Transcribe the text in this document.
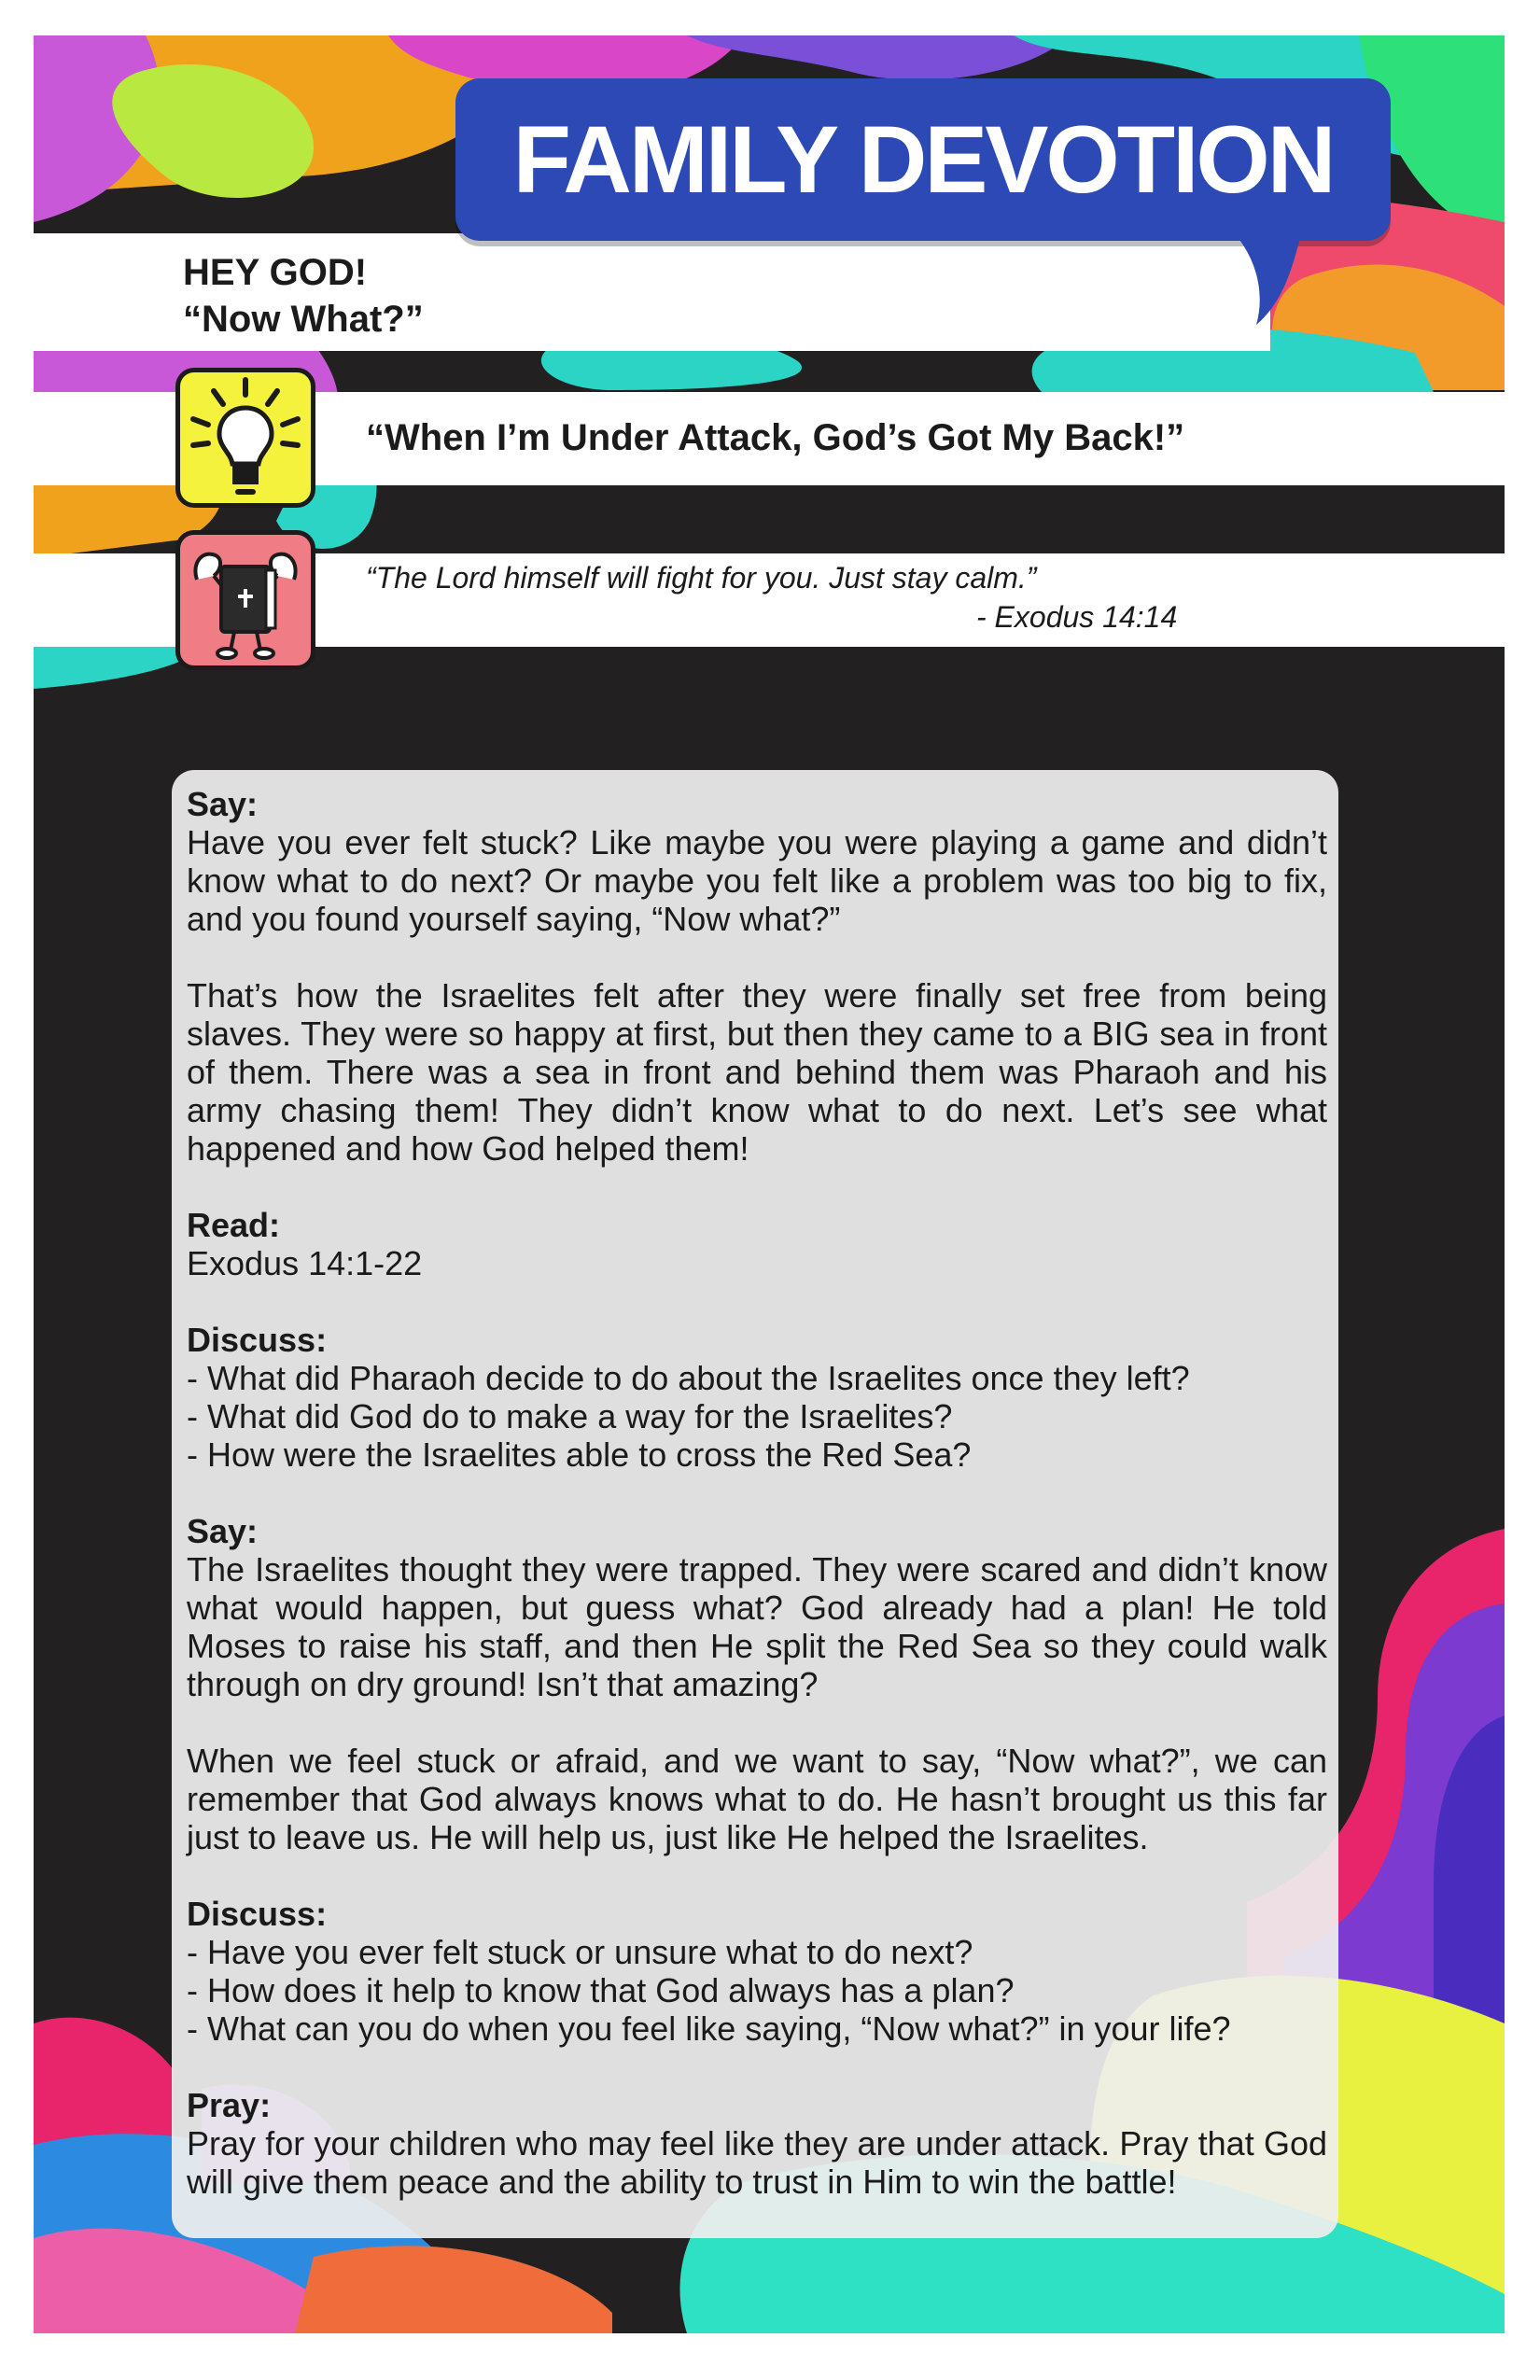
HEY GOD!
“Now What?”
FAMILY DEVOTION
“When I’m Under Attack, God’s Got My Back!”
“The Lord himself will fight for you. Just stay calm.”
- Exodus 14:14

Say:

Have you ever felt stuck? Like maybe you were playing a game and didn’t know what to do next? Or maybe you felt like a problem was too big to fix, and you found yourself saying, “Now what?”

That’s how the Israelites felt after they were finally set free from being slaves. They were so happy at first, but then they came to a BIG sea in front of them. There was a sea in front and behind them was Pharaoh and his army chasing them! They didn’t know what to do next. Let’s see what happened and how God helped them!

Read:

Exodus 14:1-22

Discuss:

- What did Pharaoh decide to do about the Israelites once they left?

- What did God do to make a way for the Israelites?

- How were the Israelites able to cross the Red Sea?

Say:

The Israelites thought they were trapped. They were scared and didn’t know what would happen, but guess what? God already had a plan! He told Moses to raise his staff, and then He split the Red Sea so they could walk through on dry ground! Isn’t that amazing?

When we feel stuck or afraid, and we want to say, “Now what?”, we can remember that God always knows what to do. He hasn’t brought us this far just to leave us. He will help us, just like He helped the Israelites.

Discuss:

- Have you ever felt stuck or unsure what to do next?

- How does it help to know that God always has a plan?

- What can you do when you feel like saying, “Now what?” in your life?

Pray:

Pray for your children who may feel like they are under attack. Pray that God will give them peace and the ability to trust in Him to win the battle!
